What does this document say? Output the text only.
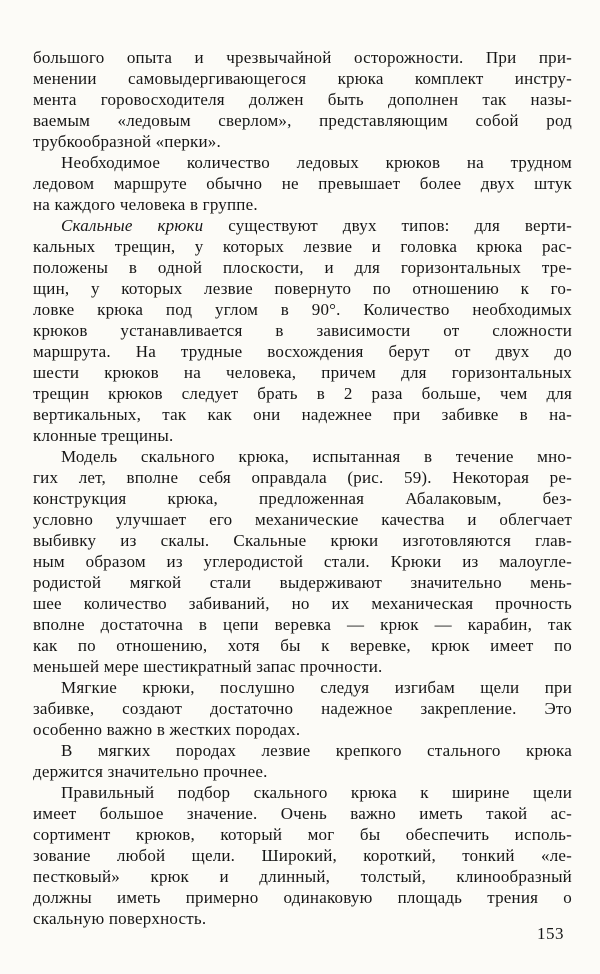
большого опыта и чрезвычайной осторожности. При при-
менении самовыдергивающегося крюка комплект инстру-
мента горовосходителя должен быть дополнен так назы-
ваемым «ледовым сверлом», представляющим собой род
трубкообразной «перки».
Необходимое количество ледовых крюков на трудном
ледовом маршруте обычно не превышает более двух штук
на каждого человека в группе.
Скальные крюки существуют двух типов: для верти-
кальных трещин, у которых лезвие и головка крюка рас-
положены в одной плоскости, и для горизонтальных тре-
щин, у которых лезвие повернуто по отношению к го-
ловке крюка под углом в 90°. Количество необходимых
крюков устанавливается в зависимости от сложности
маршрута. На трудные восхождения берут от двух до
шести крюков на человека, причем для горизонтальных
трещин крюков следует брать в 2 раза больше, чем для
вертикальных, так как они надежнее при забивке в на-
клонные трещины.
Модель скального крюка, испытанная в течение мно-
гих лет, вполне себя оправдала (рис. 59). Некоторая ре-
конструкция крюка, предложенная Абалаковым, без-
условно улучшает его механические качества и облегчает
выбивку из скалы. Скальные крюки изготовляются глав-
ным образом из углеродистой стали. Крюки из малоугле-
родистой мягкой стали выдерживают значительно мень-
шее количество забиваний, но их механическая прочность
вполне достаточна в цепи веревка — крюк — карабин, так
как по отношению, хотя бы к веревке, крюк имеет по
меньшей мере шестикратный запас прочности.
Мягкие крюки, послушно следуя изгибам щели при
забивке, создают достаточно надежное закрепление. Это
особенно важно в жестких породах.
В мягких породах лезвие крепкого стального крюка
держится значительно прочнее.
Правильный подбор скального крюка к ширине щели
имеет большое значение. Очень важно иметь такой ас-
сортимент крюков, который мог бы обеспечить исполь-
зование любой щели. Широкий, короткий, тонкий «ле-
пестковый» крюк и длинный, толстый, клинообразный
должны иметь примерно одинаковую площадь трения о
скальную поверхность.
153
